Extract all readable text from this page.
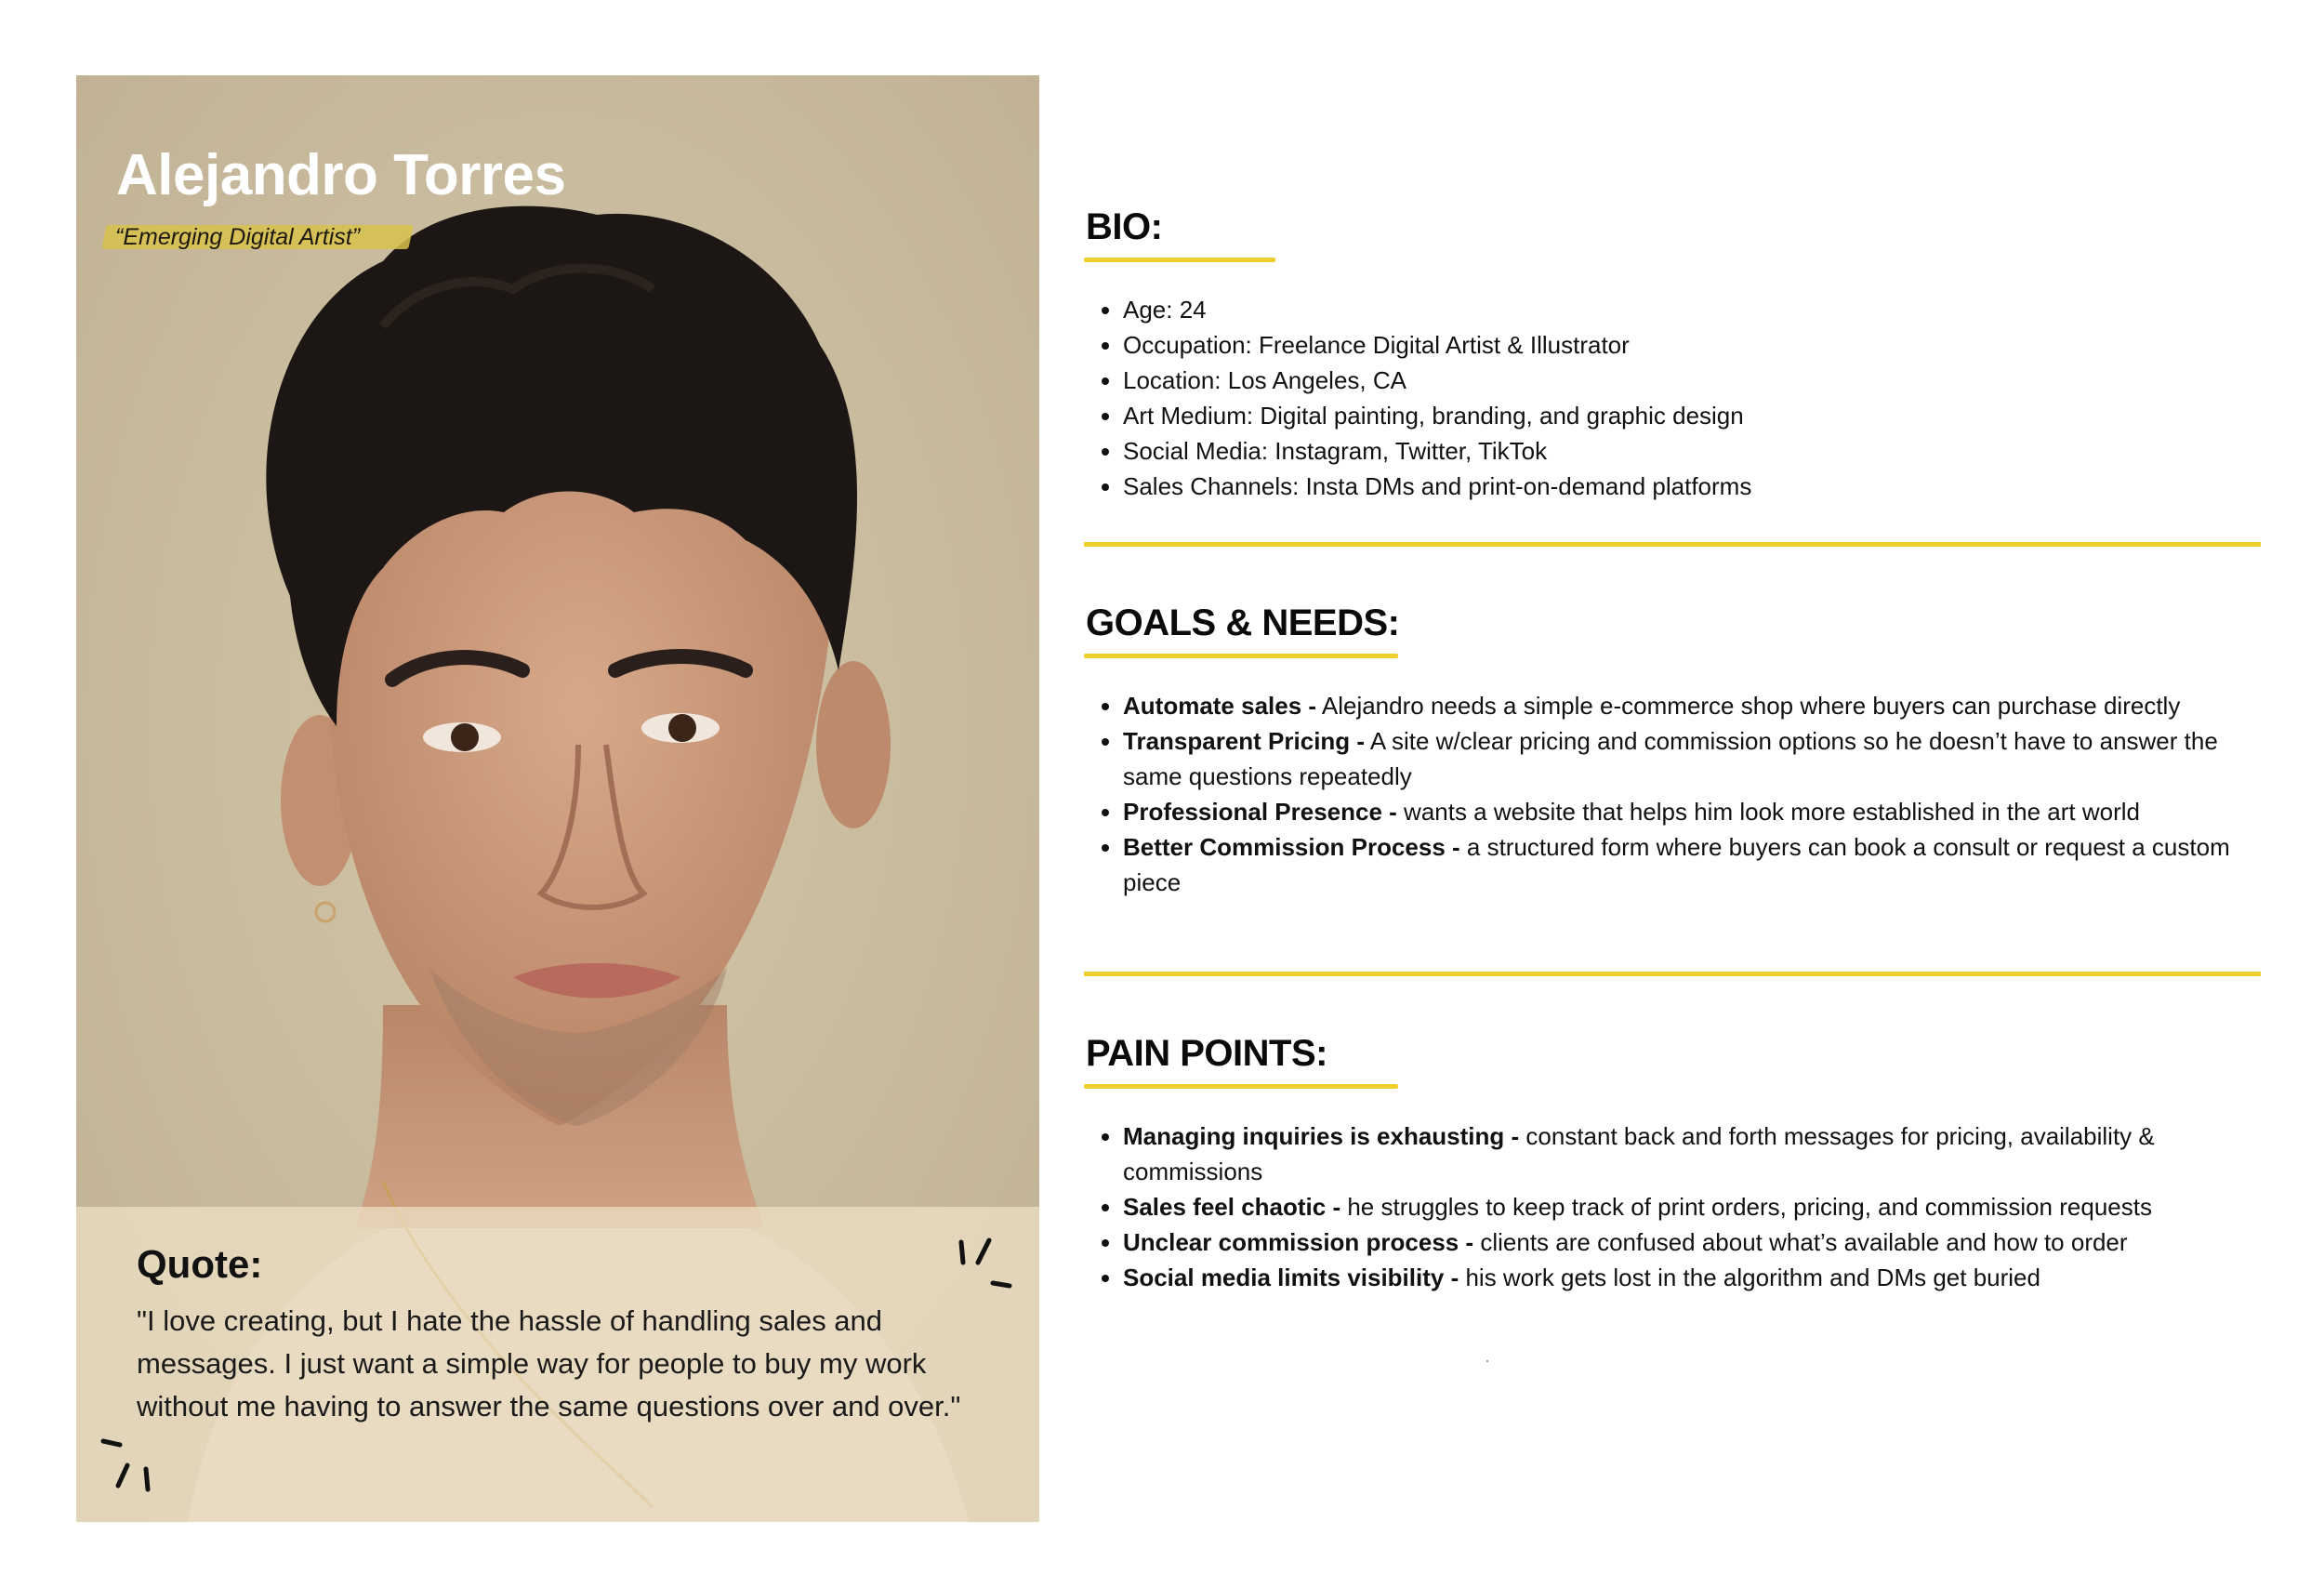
Alejandro Torres
“Emerging Digital Artist”
Quote:

"I love creating, but I hate the hassle of handling sales and messages. I just want a simple way for people to buy my work without me having to answer the same questions over and over."

BIO:
• Age: 24
• Occupation: Freelance Digital Artist & Illustrator
• Location: Los Angeles, CA
• Art Medium: Digital painting, branding, and graphic design
• Social Media: Instagram, Twitter, TikTok
• Sales Channels: Insta DMs and print-on-demand platforms
GOALS & NEEDS:
• Automate sales - Alejandro needs a simple e-commerce shop where buyers can purchase directly
• Transparent Pricing - A site w/clear pricing and commission options so he doesn’t have to answer the same questions repeatedly
• Professional Presence - wants a website that helps him look more established in the art world
• Better Commission Process - a structured form where buyers can book a consult or request a custom piece
PAIN POINTS:
• Managing inquiries is exhausting - constant back and forth messages for pricing, availability & commissions
• Sales feel chaotic - he struggles to keep track of print orders, pricing, and commission requests
• Unclear commission process - clients are confused about what’s available and how to order
• Social media limits visibility - his work gets lost in the algorithm and DMs get buried
